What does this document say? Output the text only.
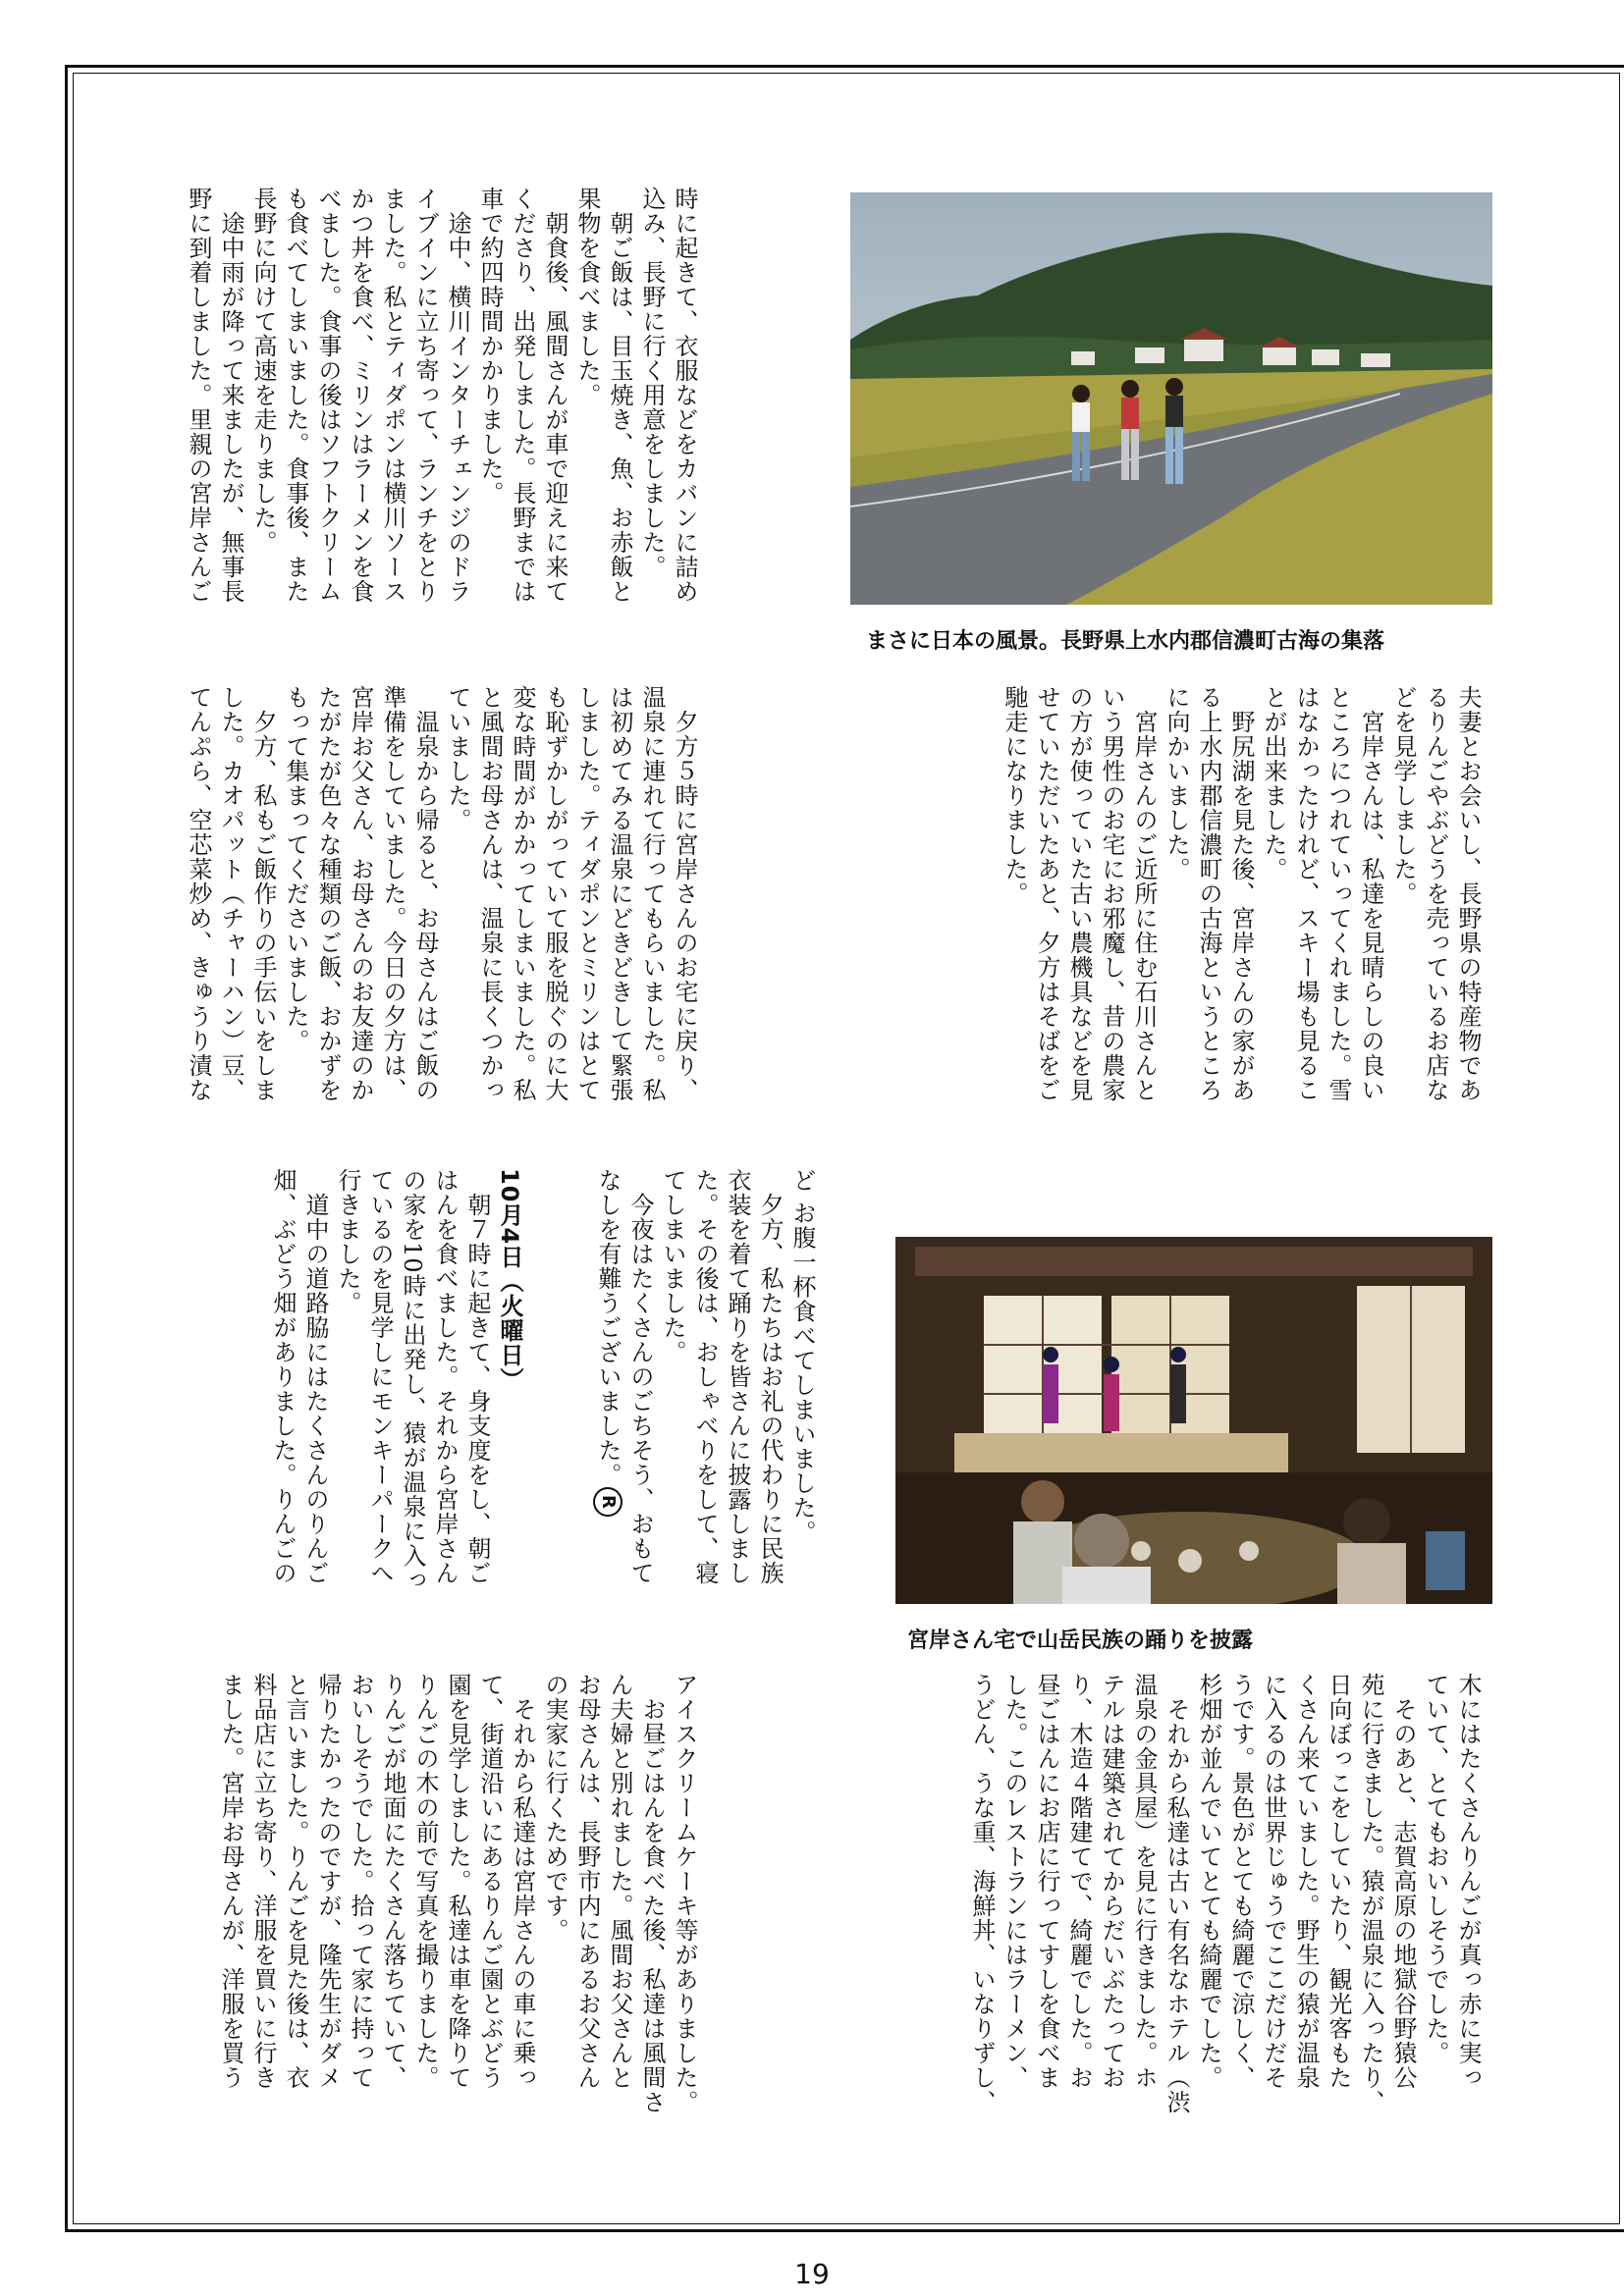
時に起きて、衣服などをカバンに詰め
込み、長野に行く用意をしました。
　朝ご飯は、目玉焼き、魚、お赤飯と
果物を食べました。
　朝食後、風間さんが車で迎えに来て
くださり、出発しました。長野までは
車で約四時間かかりました。
　途中、横川インターチェンジのドラ
イブインに立ち寄って、ランチをとり
ました。私とティダポンは横川ソース
かつ丼を食べ、ミリンはラーメンを食
べました。食事の後はソフトクリーム
も食べてしまいました。食事後、また
長野に向けて高速を走りました。
　途中雨が降って来ましたが、無事長
野に到着しました。里親の宮岸さんご
まさに日本の風景。長野県上水内郡信濃町古海の集落
夫妻とお会いし、長野県の特産物であ
るりんごやぶどうを売っているお店な
どを見学しました。
　宮岸さんは、私達を見晴らしの良い
ところにつれていってくれました。雪
はなかったけれど、スキー場も見るこ
とが出来ました。
　野尻湖を見た後、宮岸さんの家があ
る上水内郡信濃町の古海というところ
に向かいました。
　宮岸さんのご近所に住む石川さんと
いう男性のお宅にお邪魔し、昔の農家
の方が使っていた古い農機具などを見
せていただいたあと、夕方はそばをご
馳走になりました。
　夕方５時に宮岸さんのお宅に戻り、
温泉に連れて行ってもらいました。私
は初めてみる温泉にどきどきして緊張
しました。ティダポンとミリンはとて
も恥ずかしがっていて服を脱ぐのに大
変な時間がかかってしまいました。私
と風間お母さんは、温泉に長くつかっ
ていました。
　温泉から帰ると、お母さんはご飯の
準備をしていました。今日の夕方は、
宮岸お父さん、お母さんのお友達のか
たがたが色々な種類のご飯、おかずを
もって集まってくださいました。
　夕方、私もご飯作りの手伝いをしま
した。カオパット（チャーハン）豆、
てんぷら、空芯菜炒め、きゅうり漬な
宮岸さん宅で山岳民族の踊りを披露

ど お腹一杯食べてしまいました。
　夕方、私たちはお礼の代わりに民族
衣装を着て踊りを皆さんに披露しまし
た。その後は、おしゃべりをして、寝
てしまいました。
　今夜はたくさんのごちそう、おもて
なしを有難うございました。R

10月4日（火曜日）
　朝７時に起きて、身支度をし、朝ご
はんを食べました。それから宮岸さん
の家を10時に出発し、猿が温泉に入っ
ているのを見学しにモンキーパークへ
行きました。
　道中の道路脇にはたくさんのりんご
畑、ぶどう畑がありました。りんごの

木にはたくさんりんごが真っ赤に実っ
ていて、とてもおいしそうでした。
　そのあと、志賀高原の地獄谷野猿公
苑に行きました。猿が温泉に入ったり、
日向ぼっこをしていたり、観光客もた
くさん来ていました。野生の猿が温泉
に入るのは世界じゅうでここだけだそ
うです。景色がとても綺麗で涼しく、
杉畑が並んでいてとても綺麗でした。
　それから私達は古い有名なホテル（渋
温泉の金具屋）を見に行きました。ホ
テルは建築されてからだいぶたってお
り、木造４階建てで、綺麗でした。お
昼ごはんにお店に行ってすしを食べま
した。このレストランにはラーメン、
うどん、うな重、海鮮丼、いなりずし、
アイスクリームケーキ等がありました。
　お昼ごはんを食べた後、私達は風間さ
ん夫婦と別れました。風間お父さんと
お母さんは、長野市内にあるお父さん
の実家に行くためです。
　それから私達は宮岸さんの車に乗っ
て、街道沿いにあるりんご園とぶどう
園を見学しました。私達は車を降りて
りんごの木の前で写真を撮りました。
りんごが地面にたくさん落ちていて、
おいしそうでした。拾って家に持って
帰りたかったのですが、隆先生がダメ
と言いました。りんごを見た後は、衣
料品店に立ち寄り、洋服を買いに行き
ました。宮岸お母さんが、洋服を買う
19
